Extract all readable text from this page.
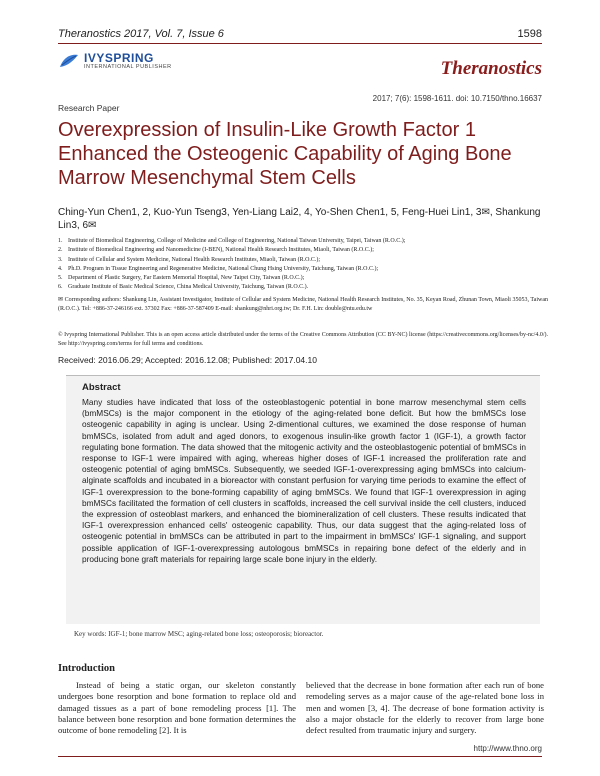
Theranostics 2017, Vol. 7, Issue 6	1598
IVYSPRING
INTERNATIONAL PUBLISHER	Theranostics
2017; 7(6): 1598-1611. doi: 10.7150/thno.16637
Research Paper
Overexpression of Insulin-Like Growth Factor 1 Enhanced the Osteogenic Capability of Aging Bone Marrow Mesenchymal Stem Cells
Ching-Yun Chen1, 2, Kuo-Yun Tseng3, Yen-Liang Lai2, 4, Yo-Shen Chen1, 5, Feng-Huei Lin1, 3✉, Shankung Lin3, 6✉
1. Institute of Biomedical Engineering, College of Medicine and College of Engineering, National Taiwan University, Taipei, Taiwan (R.O.C.);
2. Institute of Biomedical Engineering and Nanomedicine (I-BEN), National Health Research Institutes, Miaoli, Taiwan (R.O.C.);
3. Institute of Cellular and System Medicine, National Health Research Institutes, Miaoli, Taiwan (R.O.C.);
4. Ph.D. Program in Tissue Engineering and Regenerative Medicine, National Chung Hsing University, Taichung, Taiwan (R.O.C.);
5. Department of Plastic Surgery, Far Eastern Memorial Hospital, New Taipei City, Taiwan (R.O.C.);
6. Graduate Institute of Basic Medical Science, China Medical University, Taichung, Taiwan (R.O.C.).
✉ Corresponding authors: Shankung Lin, Assistant Investigator, Institute of Cellular and System Medicine, National Health Research Institutes, No. 35, Keyan Road, Zhunan Town, Miaoli 35053, Taiwan (R.O.C.). Tel: +886-37-246166 ext. 37302 Fax: +886-37-587409 E-mail: shankung@nhri.org.tw; Dr. F.H. Lin: double@ntu.edu.tw
© Ivyspring International Publisher. This is an open access article distributed under the terms of the Creative Commons Attribution (CC BY-NC) license (https://creativecommons.org/licenses/by-nc/4.0/). See http://ivyspring.com/terms for full terms and conditions.
Received: 2016.06.29; Accepted: 2016.12.08; Published: 2017.04.10
Abstract
Many studies have indicated that loss of the osteoblastogenic potential in bone marrow mesenchymal stem cells (bmMSCs) is the major component in the etiology of the aging-related bone deficit. But how the bmMSCs lose osteogenic capability in aging is unclear. Using 2-dimentional cultures, we examined the dose response of human bmMSCs, isolated from adult and aged donors, to exogenous insulin-like growth factor 1 (IGF-1), a growth factor regulating bone formation. The data showed that the mitogenic activity and the osteoblastogenic potential of bmMSCs in response to IGF-1 were impaired with aging, whereas higher doses of IGF-1 increased the proliferation rate and osteogenic potential of aging bmMSCs. Subsequently, we seeded IGF-1-overexpressing aging bmMSCs into calcium-alginate scaffolds and incubated in a bioreactor with constant perfusion for varying time periods to examine the effect of IGF-1 overexpression to the bone-forming capability of aging bmMSCs. We found that IGF-1 overexpression in aging bmMSCs facilitated the formation of cell clusters in scaffolds, increased the cell survival inside the cell clusters, induced the expression of osteoblast markers, and enhanced the biomineralization of cell clusters. These results indicated that IGF-1 overexpression enhanced cells' osteogenic capability. Thus, our data suggest that the aging-related loss of osteogenic potential in bmMSCs can be attributed in part to the impairment in bmMSCs' IGF-1 signaling, and support possible application of IGF-1-overexpressing autologous bmMSCs in repairing bone defect of the elderly and in producing bone graft materials for repairing large scale bone injury in the elderly.
Key words: IGF-1; bone marrow MSC; aging-related bone loss; osteoporosis; bioreactor.
Introduction
Instead of being a static organ, our skeleton constantly undergoes bone resorption and bone formation to replace old and damaged tissues as a part of bone remodeling process [1]. The balance between bone resorption and bone formation determines the outcome of bone remodeling [2]. It is
believed that the decrease in bone formation after each run of bone remodeling serves as a major cause of the age-related bone loss in men and women [3, 4]. The decrease of bone formation activity is also a major obstacle for the elderly to recover from large bone defect resulted from traumatic injury and surgery.
http://www.thno.org
